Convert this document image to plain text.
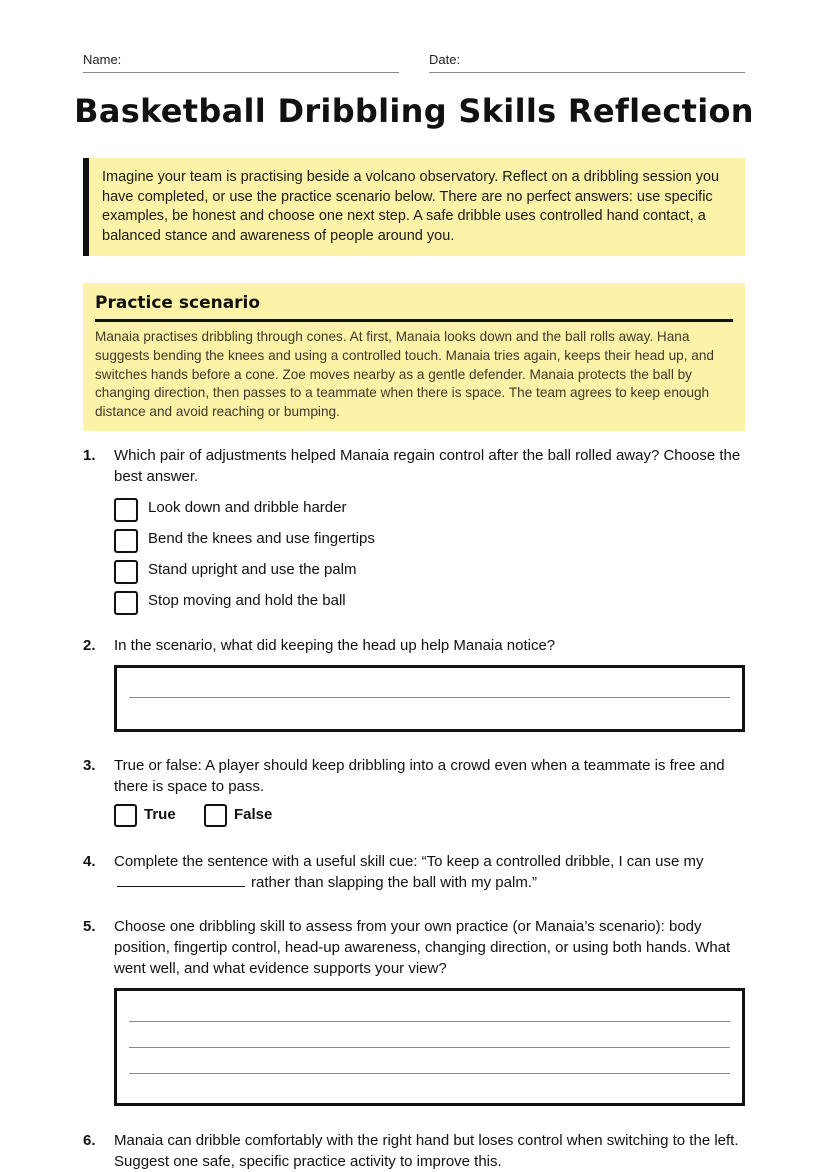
Name:	Date:
Basketball Dribbling Skills Reflection
Imagine your team is practising beside a volcano observatory. Reflect on a dribbling session you have completed, or use the practice scenario below. There are no perfect answers: use specific examples, be honest and choose one next step. A safe dribble uses controlled hand contact, a balanced stance and awareness of people around you.
Practice scenario
Manaia practises dribbling through cones. At first, Manaia looks down and the ball rolls away. Hana suggests bending the knees and using a controlled touch. Manaia tries again, keeps their head up, and switches hands before a cone. Zoe moves nearby as a gentle defender. Manaia protects the ball by changing direction, then passes to a teammate when there is space. The team agrees to keep enough distance and avoid reaching or bumping.
1. Which pair of adjustments helped Manaia regain control after the ball rolled away? Choose the best answer.
Look down and dribble harder
Bend the knees and use fingertips
Stand upright and use the palm
Stop moving and hold the ball
2. In the scenario, what did keeping the head up help Manaia notice?
3. True or false: A player should keep dribbling into a crowd even when a teammate is free and there is space to pass.
True	False
4. Complete the sentence with a useful skill cue: “To keep a controlled dribble, I can use my rather than slapping the ball with my palm.”
5. Choose one dribbling skill to assess from your own practice (or Manaia’s scenario): body position, fingertip control, head-up awareness, changing direction, or using both hands. What went well, and what evidence supports your view?
6. Manaia can dribble comfortably with the right hand but loses control when switching to the left. Suggest one safe, specific practice activity to improve this.
